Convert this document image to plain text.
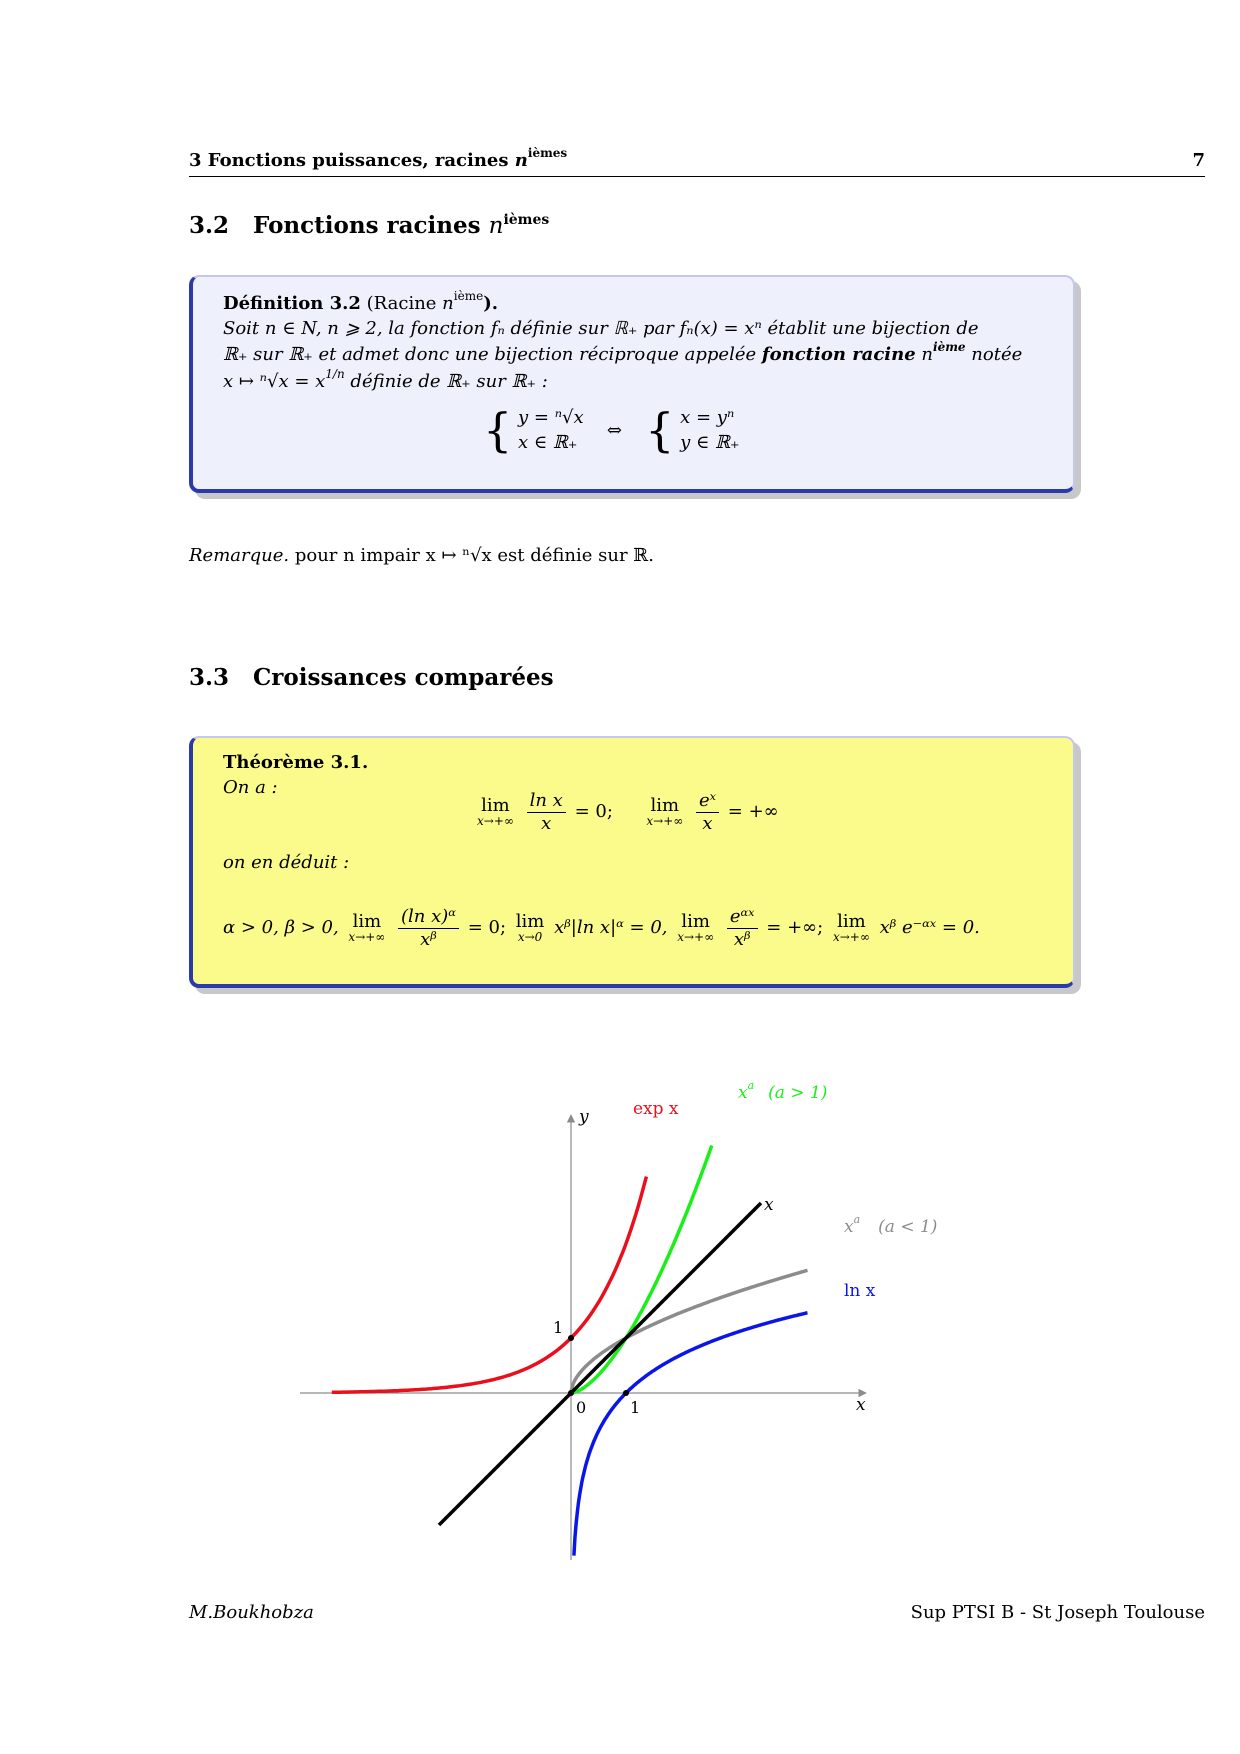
3 Fonctions puissances, racines $n^{ièmes}$	7
3.2 Fonctions racines $n^{ièmes}$
Définition 3.2 (Racine $n^{ième}$).
Soit n ∈ N, n ⩾ 2, la fonction fₙ définie sur ℝ₊ par fₙ(x) = xⁿ établit une bijection de
ℝ₊ sur ℝ₊ et admet donc une bijection réciproque appelée fonction racine $n^{ième}$ notée
x ↦ $^n√x = x^{1/n}$ définie de ℝ₊ sur ℝ₊ :
{ y = ⁿ√x
x ∈ ℝ₊
⇔ { x = yⁿ
y ∈ ℝ₊
Remarque. pour n impair x ↦ ⁿ√x est définie sur ℝ.
3.3 Croissances comparées
Théorème 3.1.
On a :
lim
x→+∞
$\frac{\text{ln x}}{x} = 0$; lim
x→+∞
$\frac{\text{eˣ}}{x}$ = +∞
on en déduit :
α > 0, β > 0, lim
x→+∞
$\frac{\text{(ln x)ᵅ}}{\text{xᵝ}} = 0$; lim
x→0 xᵝ|ln x|ᵅ = 0, lim
x→+∞
$\frac{\text{eᵅˣ}}{\text{xᵝ}}$ = +∞; lim
x→+∞ xᵝ e⁻ᵅˣ = 0.
y
x
0	1
1
exp x
$x^a$ (a > 1)
x
$x^a$ (a < 1)
ln x
M.Boukhobza	Sup PTSI B - St Joseph Toulouse
